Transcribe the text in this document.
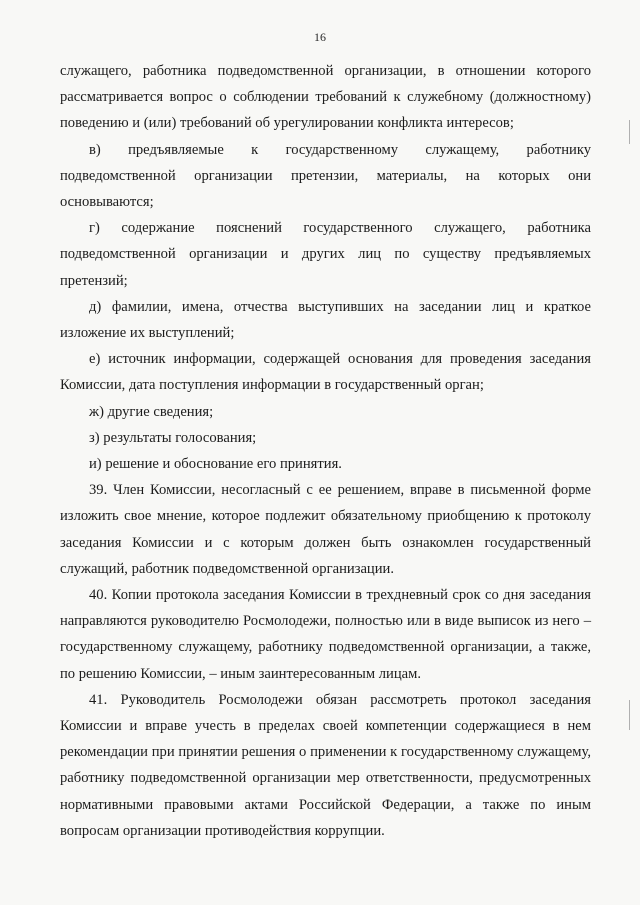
16

служащего, работника подведомственной организации, в отношении которого рассматривается вопрос о соблюдении требований к служебному (должностному) поведению и (или) требований об урегулировании конфликта интересов;

в) предъявляемые к государственному служащему, работнику подведомственной организации претензии, материалы, на которых они основываются;

г) содержание пояснений государственного служащего, работника подведомственной организации и других лиц по существу предъявляемых претензий;

д) фамилии, имена, отчества выступивших на заседании лиц и краткое изложение их выступлений;

е) источник информации, содержащей основания для проведения заседания Комиссии, дата поступления информации в государственный орган;

ж) другие сведения;

з) результаты голосования;

и) решение и обоснование его принятия.

39. Член Комиссии, несогласный с ее решением, вправе в письменной форме изложить свое мнение, которое подлежит обязательному приобщению к протоколу заседания Комиссии и с которым должен быть ознакомлен государственный служащий, работник подведомственной организации.

40. Копии протокола заседания Комиссии в трехдневный срок со дня заседания направляются руководителю Росмолодежи, полностью или в виде выписок из него – государственному служащему, работнику подведомственной организации, а также, по решению Комиссии, – иным заинтересованным лицам.

41. Руководитель Росмолодежи обязан рассмотреть протокол заседания Комиссии и вправе учесть в пределах своей компетенции содержащиеся в нем рекомендации при принятии решения о применении к государственному служащему, работнику подведомственной организации мер ответственности, предусмотренных нормативными правовыми актами Российской Федерации, а также по иным вопросам организации противодействия коррупции.
